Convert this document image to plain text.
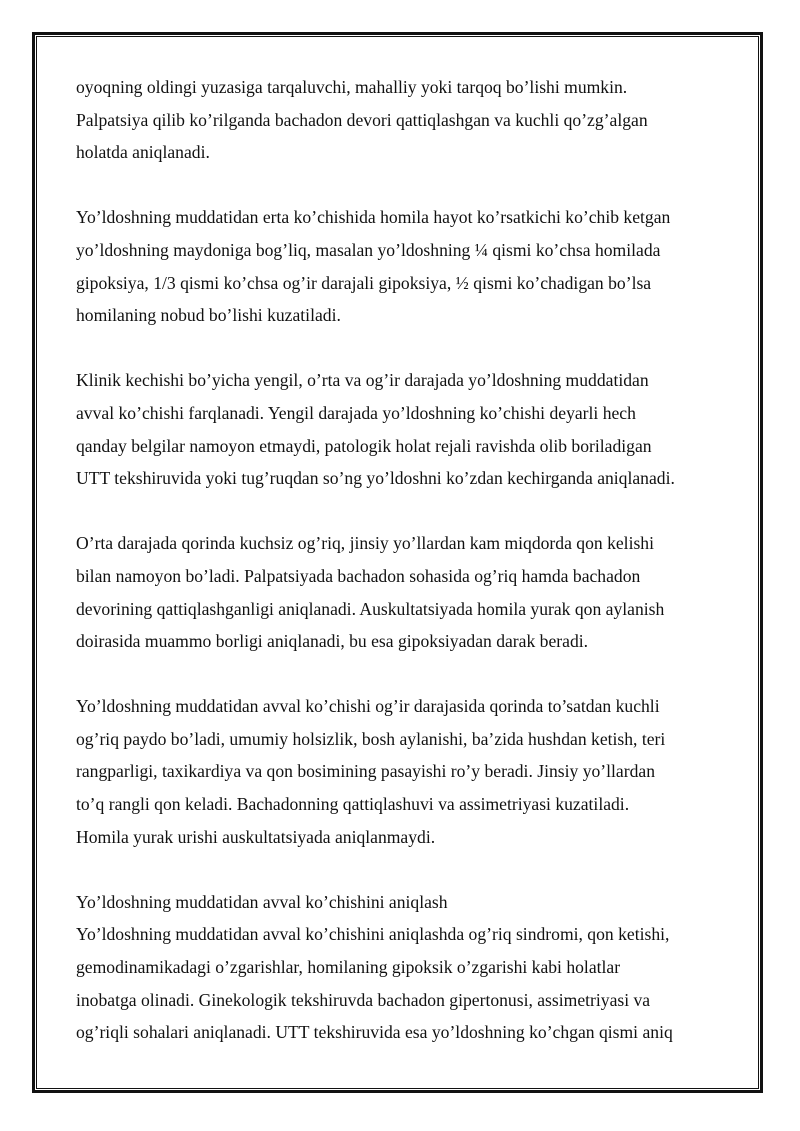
oyoqning oldingi yuzasiga tarqaluvchi, mahalliy yoki tarqoq bo’lishi mumkin.
Palpatsiya qilib ko’rilganda bachadon devori qattiqlashgan va kuchli qo’zg’algan
holatda aniqlanadi.

Yo’ldoshning muddatidan erta ko’chishida homila hayot ko’rsatkichi ko’chib ketgan
yo’ldoshning maydoniga bog’liq, masalan yo’ldoshning ¼ qismi ko’chsa homilada
gipoksiya, 1/3 qismi ko’chsa og’ir darajali gipoksiya, ½ qismi ko’chadigan bo’lsa
homilaning nobud bo’lishi kuzatiladi.

Klinik kechishi bo’yicha yengil, o’rta va og’ir darajada yo’ldoshning muddatidan
avval ko’chishi farqlanadi. Yengil darajada yo’ldoshning ko’chishi deyarli hech
qanday belgilar namoyon etmaydi, patologik holat rejali ravishda olib boriladigan
UTT tekshiruvida yoki tug’ruqdan so’ng yo’ldoshni ko’zdan kechirganda aniqlanadi.

O’rta darajada qorinda kuchsiz og’riq, jinsiy yo’llardan kam miqdorda qon kelishi
bilan namoyon bo’ladi. Palpatsiyada bachadon sohasida og’riq hamda bachadon
devorining qattiqlashganligi aniqlanadi. Auskultatsiyada homila yurak qon aylanish
doirasida muammo borligi aniqlanadi, bu esa gipoksiyadan darak beradi.

Yo’ldoshning muddatidan avval ko’chishi og’ir darajasida qorinda to’satdan kuchli
og’riq paydo bo’ladi, umumiy holsizlik, bosh aylanishi, ba’zida hushdan ketish, teri
rangparligi, taxikardiya va qon bosimining pasayishi ro’y beradi. Jinsiy yo’llardan
to’q rangli qon keladi. Bachadonning qattiqlashuvi va assimetriyasi kuzatiladi.
Homila yurak urishi auskultatsiyada aniqlanmaydi.

Yo’ldoshning muddatidan avval ko’chishini aniqlash

Yo’ldoshning muddatidan avval ko’chishini aniqlashda og’riq sindromi, qon ketishi,
gemodinamikadagi o’zgarishlar, homilaning gipoksik o’zgarishi kabi holatlar
inobatga olinadi. Ginekologik tekshiruvda bachadon gipertonusi, assimetriyasi va
og’riqli sohalari aniqlanadi. UTT tekshiruvida esa yo’ldoshning ko’chgan qismi aniq
